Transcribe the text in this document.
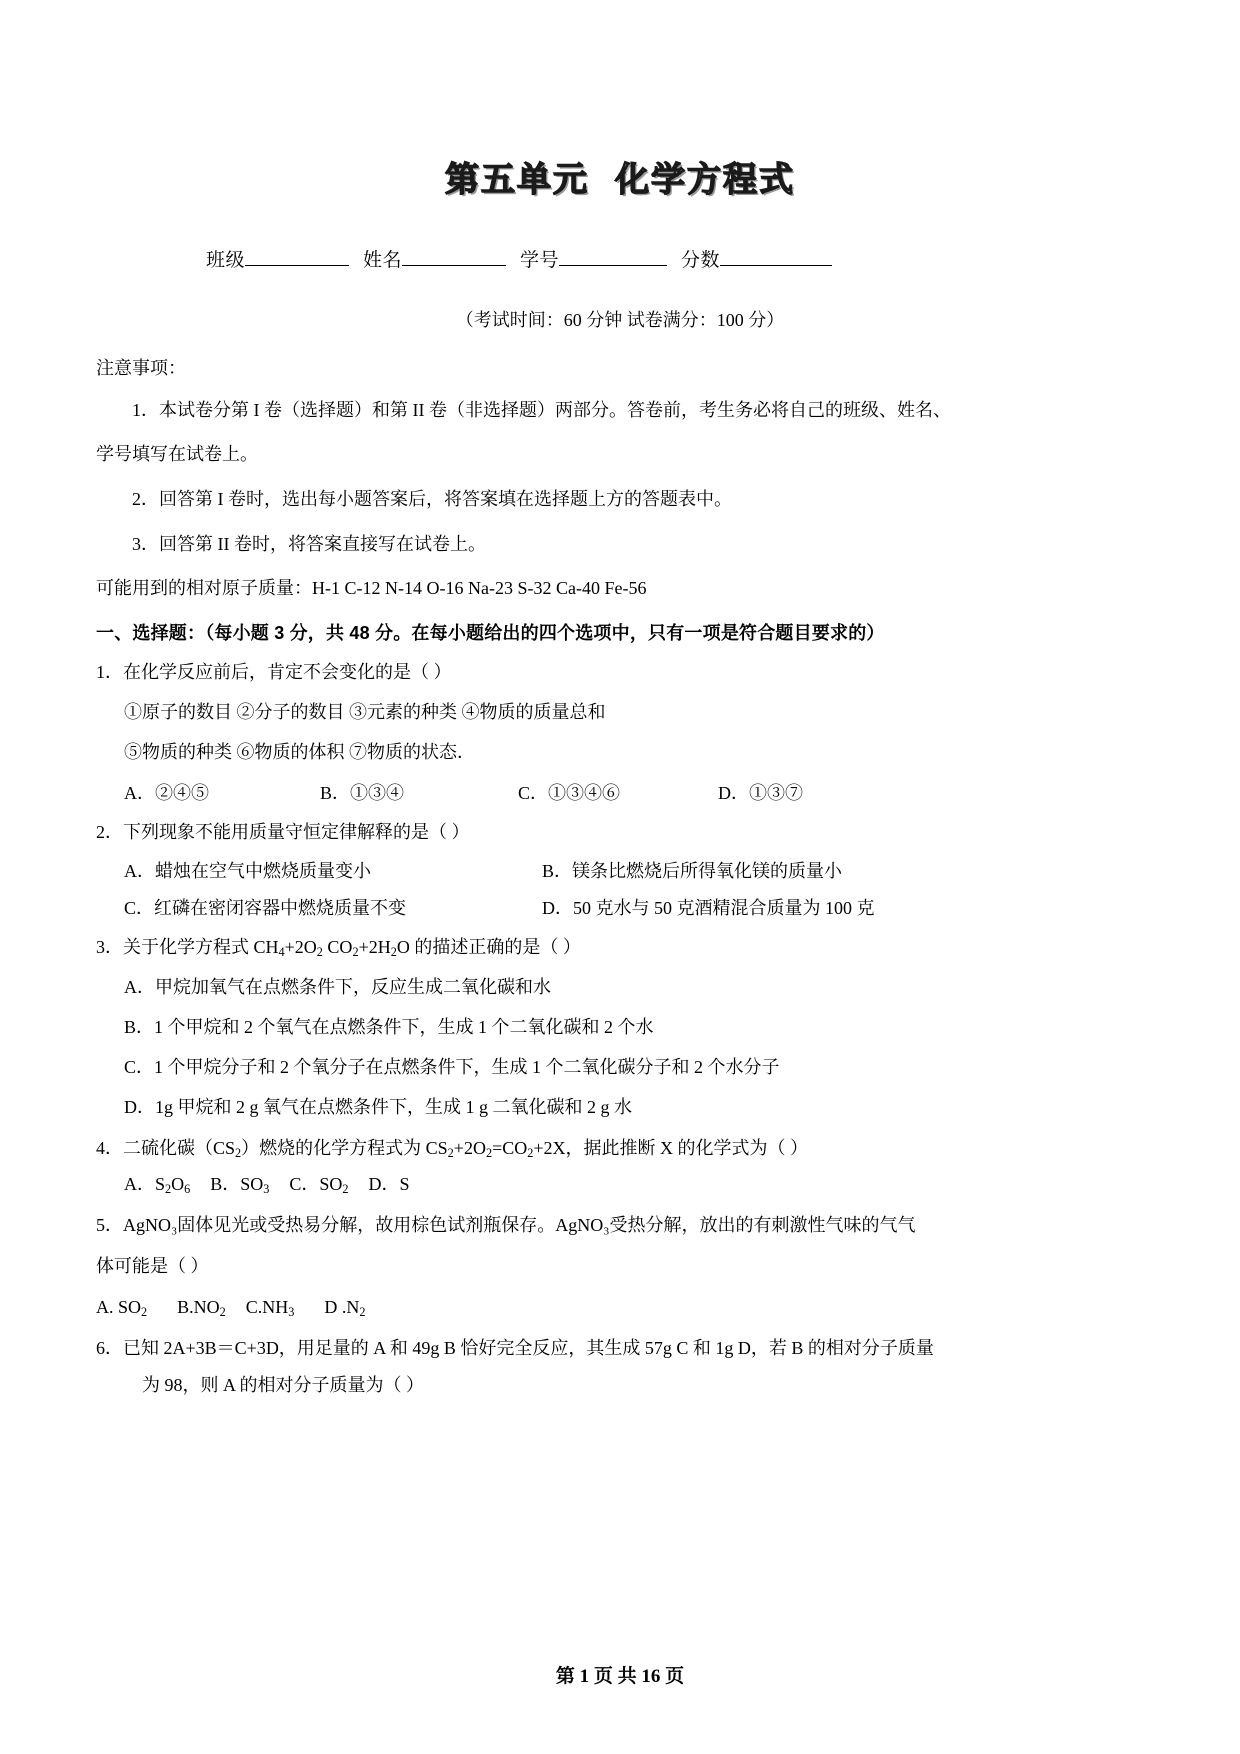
第五单元 化学方程式

班级	姓名	学号	分数

（考试时间：60 分钟 试卷满分：100 分）

注意事项：

1．本试卷分第 I 卷（选择题）和第 II 卷（非选择题）两部分。答卷前，考生务必将自己的班级、姓名、

学号填写在试卷上。

2．回答第 I 卷时，选出每小题答案后，将答案填在选择题上方的答题表中。

3．回答第 II 卷时，将答案直接写在试卷上。

可能用到的相对原子质量：H-1 C-12 N-14 O-16 Na-23 S-32 Ca-40 Fe-56

一、选择题：（每小题 3 分，共 48 分。在每小题给出的四个选项中，只有一项是符合题目要求的）

1．在化学反应前后，肯定不会变化的是（ ）

①原子的数目 ②分子的数目 ③元素的种类 ④物质的质量总和

⑤物质的种类 ⑥物质的体积 ⑦物质的状态．

A．②④⑤	B．①③④	C．①③④⑥	D．①③⑦

2．下列现象不能用质量守恒定律解释的是（ ）

A．蜡烛在空气中燃烧质量变小	B．镁条比燃烧后所得氧化镁的质量小

C．红磷在密闭容器中燃烧质量不变	D．50 克水与 50 克酒精混合质量为 100 克

3．关于化学方程式 $CH_4+2O_2$ $CO_2+2H_2O$ 的描述正确的是（ ）

A．甲烷加氧气在点燃条件下，反应生成二氧化碳和水

B．1 个甲烷和 2 个氧气在点燃条件下，生成 1 个二氧化碳和 2 个水

C．1 个甲烷分子和 2 个氧分子在点燃条件下，生成 1 个二氧化碳分子和 2 个水分子

D．1g 甲烷和 2 g 氧气在点燃条件下，生成 1 g 二氧化碳和 2 g 水

4．二硫化碳$(CS_2)$燃烧的化学方程式为 $CS_2+2O_2=CO_2+2X$，据此推断 X 的化学式为（ ）

A．$S_2O_6$ B．$SO_3$ C．$SO_2$ D．S

5．AgNO₃固体见光或受热易分解，故用棕色试剂瓶保存。AgNO₃受热分解，放出的有刺激性气味的气气

体可能是（ ）

A. $SO_2$ $B.NO_2$ $C.NH_3$ D $.N_2$

6．已知 2A+3B＝C+3D，用足量的 A 和 49g B 恰好完全反应，其生成 57g C 和 1g D，若 B 的相对分子质量

为 98，则 A 的相对分子质量为（ ）

第 1 页 共 16 页
